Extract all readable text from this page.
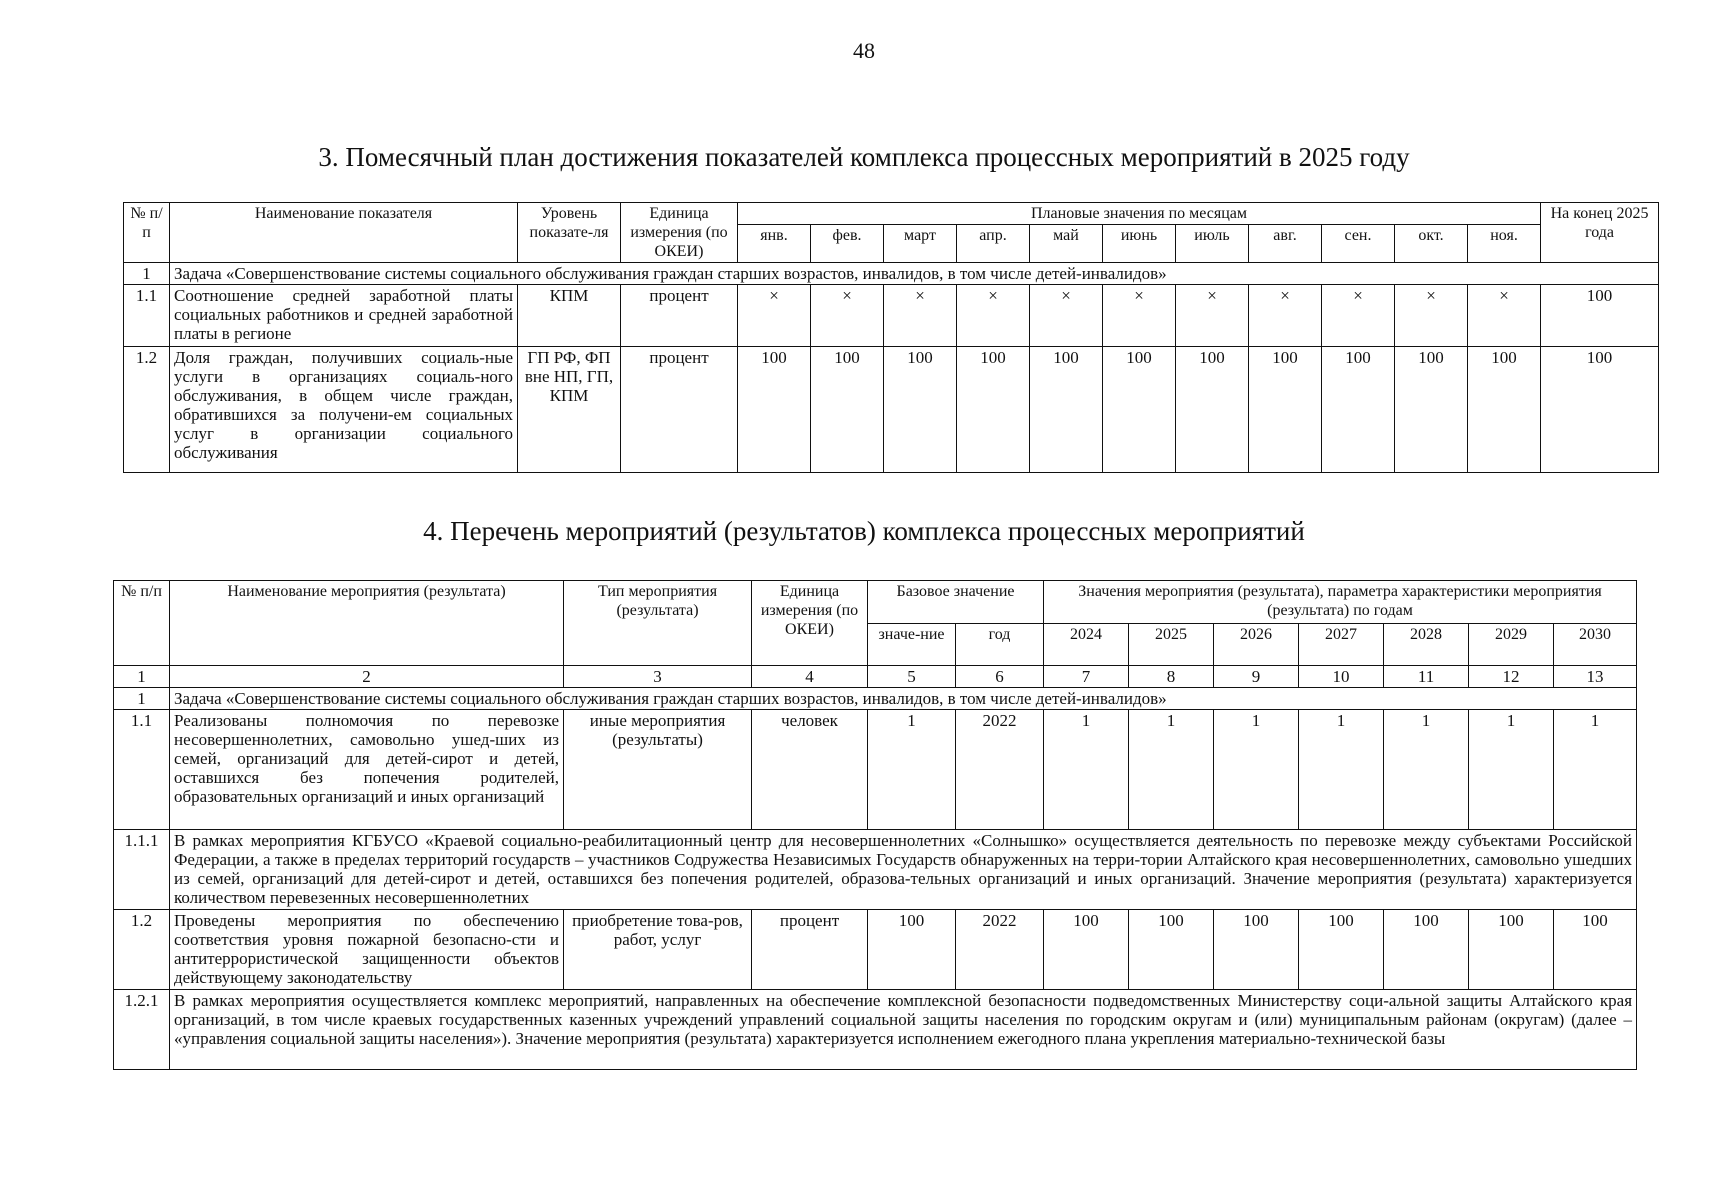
48
3. Помесячный план достижения показателей комплекса процессных мероприятий в 2025 году
№ п/п	Наименование показателя	Уровень показате-ля	Единица измерения (по ОКЕИ)	Плановые значения по месяцам											На конец 2025 года
				янв.	фев.	март	апр.	май	июнь	июль	авг.	сен.	окт.	ноя.	
1	Задача «Совершенствование системы социального обслуживания граждан старших возрастов, инвалидов, в том числе детей-инвалидов»														
1.1	Соотношение средней заработной платы социальных работников и средней заработной платы в регионе	КПМ	процент	×	×	×	×	×	×	×	×	×	×	×	100
1.2	Доля граждан, получивших социаль-ные услуги в организациях социаль-ного обслуживания, в общем числе граждан, обратившихся за получени-ем социальных услуг в организации социального обслуживания	ГП РФ, ФП вне НП, ГП, КПМ	процент	100	100	100	100	100	100	100	100	100	100	100	100
4. Перечень мероприятий (результатов) комплекса процессных мероприятий
№ п/п	Наименование мероприятия (результата)	Тип мероприятия (результата)	Единица измерения (по ОКЕИ)	Базовое значение		Значения мероприятия (результата), параметра характеристики мероприятия (результата) по годам						
				значе-ние	год	2024	2025	2026	2027	2028	2029	2030
1	2	3	4	5	6	7	8	9	10	11	12	13
1	Задача «Совершенствование системы социального обслуживания граждан старших возрастов, инвалидов, в том числе детей-инвалидов»											
1.1	Реализованы полномочия по перевозке несовершеннолетних, самовольно ушед-ших из семей, организаций для детей-сирот и детей, оставшихся без попечения родителей, образовательных организаций и иных организаций	иные мероприятия (результаты)	человек	1	2022	1	1	1	1	1	1	1
1.1.1	В рамках мероприятия КГБУСО «Краевой социально-реабилитационный центр для несовершеннолетних «Солнышко» осуществляется деятельность по перевозке между субъектами Российской Федерации, а также в пределах территорий государств – участников Содружества Независимых Государств обнаруженных на терри-тории Алтайского края несовершеннолетних, самовольно ушедших из семей, организаций для детей-сирот и детей, оставшихся без попечения родителей, образова-тельных организаций и иных организаций. Значение мероприятия (результата) характеризуется количеством перевезенных несовершеннолетних											
1.2	Проведены мероприятия по обеспечению соответствия уровня пожарной безопасно-сти и антитеррористической защищенности объектов действующему законодательству	приобретение това-ров, работ, услуг	процент	100	2022	100	100	100	100	100	100	100
1.2.1	В рамках мероприятия осуществляется комплекс мероприятий, направленных на обеспечение комплексной безопасности подведомственных Министерству соци-альной защиты Алтайского края организаций, в том числе краевых государственных казенных учреждений управлений социальной защиты населения по городским округам и (или) муниципальным районам (округам) (далее – «управления социальной защиты населения»). Значение мероприятия (результата) характеризуется исполнением ежегодного плана укрепления материально-технической базы											
